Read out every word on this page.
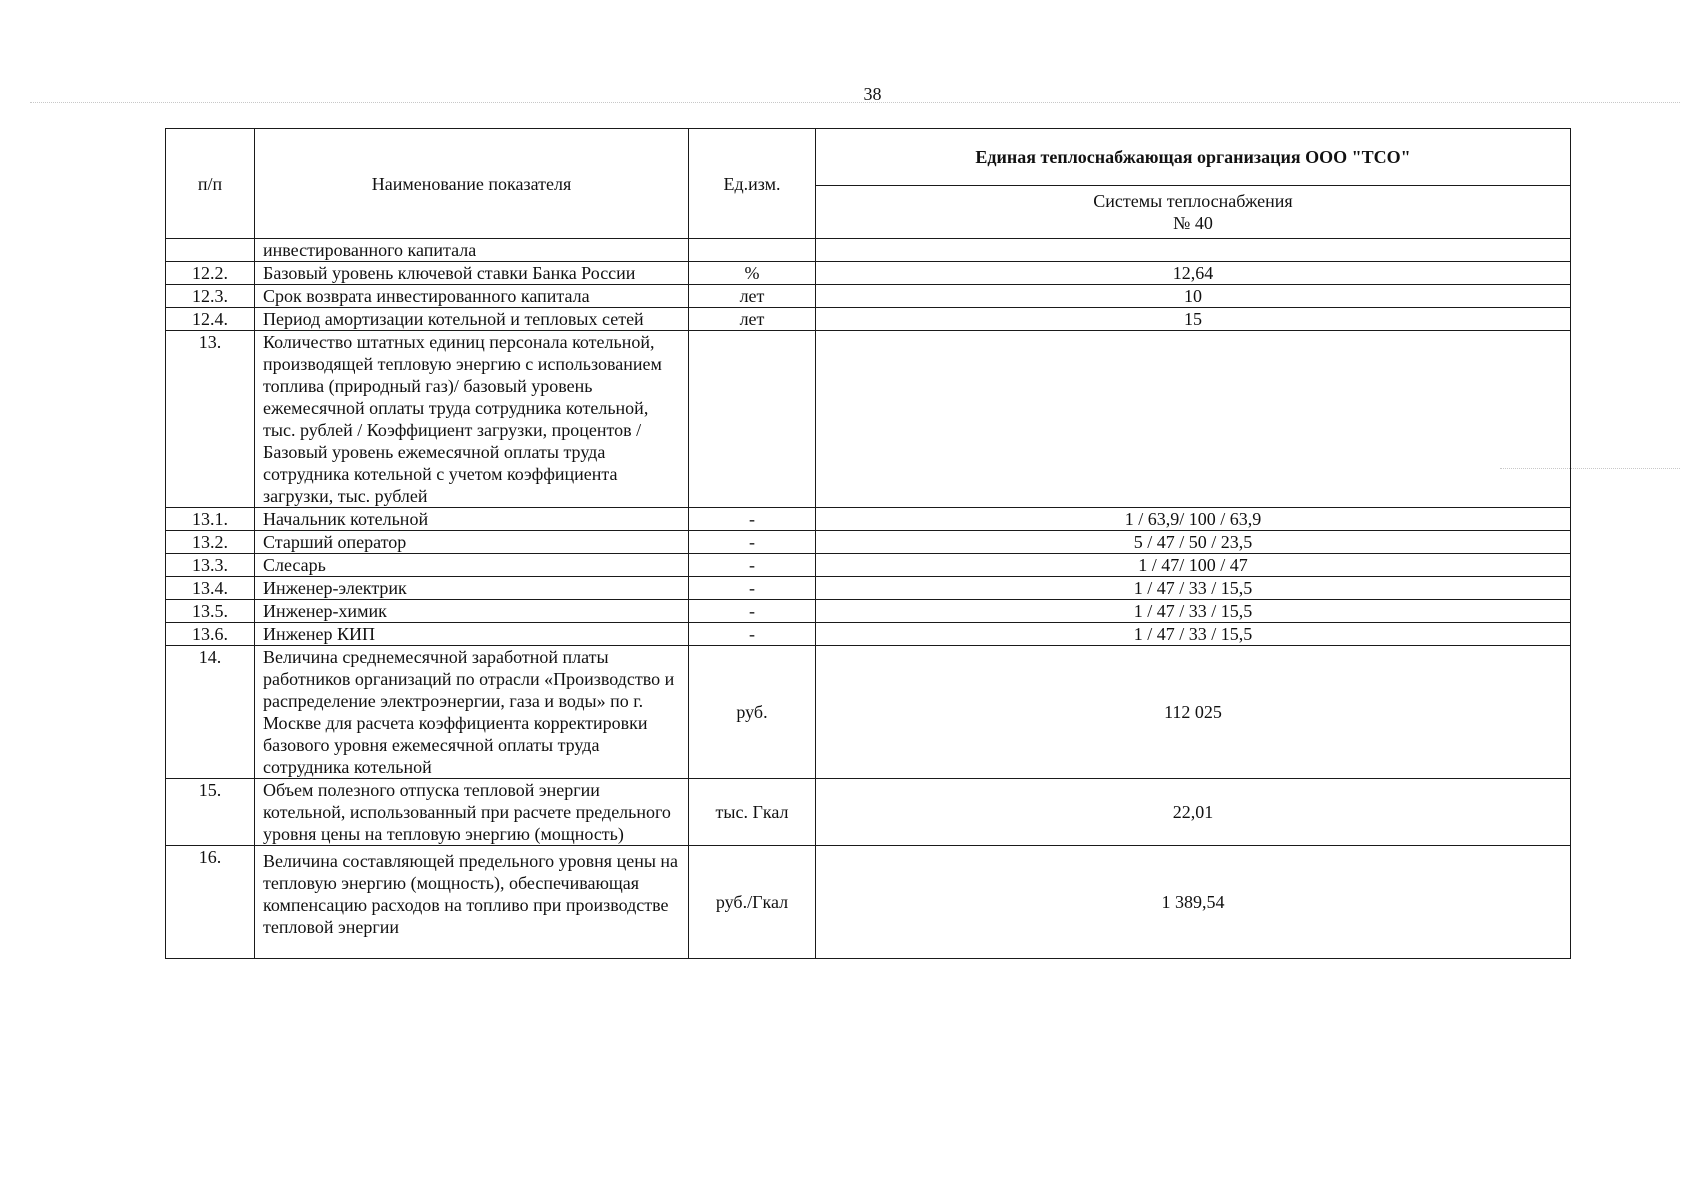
38
п/п	Наименование показателя	Ед.изм.	Единая теплоснабжающая организация ООО "ТСО"

			Системы теплоснабжения
№ 40

	инвестированного капитала		
12.2.	Базовый уровень ключевой ставки Банка России	%	12,64
12.3.	Срок возврата инвестированного капитала	лет	10
12.4.	Период амортизации котельной и тепловых сетей	лет	15
13.	Количество штатных единиц персонала котельной, производящей тепловую энергию с использованием топлива (природный газ)/ базовый уровень ежемесячной оплаты труда сотрудника котельной, тыс. рублей / Коэффициент загрузки, процентов / Базовый уровень ежемесячной оплаты труда сотрудника котельной с учетом коэффициента загрузки, тыс. рублей		
13.1.	Начальник котельной	-	1 / 63,9/ 100 / 63,9
13.2.	Старший оператор	-	5 / 47 / 50 / 23,5
13.3.	Слесарь	-	1 / 47/ 100 / 47
13.4.	Инженер-электрик	-	1 / 47 / 33 / 15,5
13.5.	Инженер-химик	-	1 / 47 / 33 / 15,5
13.6.	Инженер КИП	-	1 / 47 / 33 / 15,5
14.	Величина среднемесячной заработной платы работников организаций по отрасли «Производство и распределение электроэнергии, газа и воды» по г. Москве для расчета коэффициента корректировки базового уровня ежемесячной оплаты труда сотрудника котельной	руб.	112 025
15.	Объем полезного отпуска тепловой энергии котельной, использованный при расчете предельного уровня цены на тепловую энергию (мощность)	тыс. Гкал	22,01
16.	Величина составляющей предельного уровня цены на тепловую энергию (мощность), обеспечивающая компенсацию расходов на топливо при производстве тепловой энергии	руб./Гкал	1 389,54
